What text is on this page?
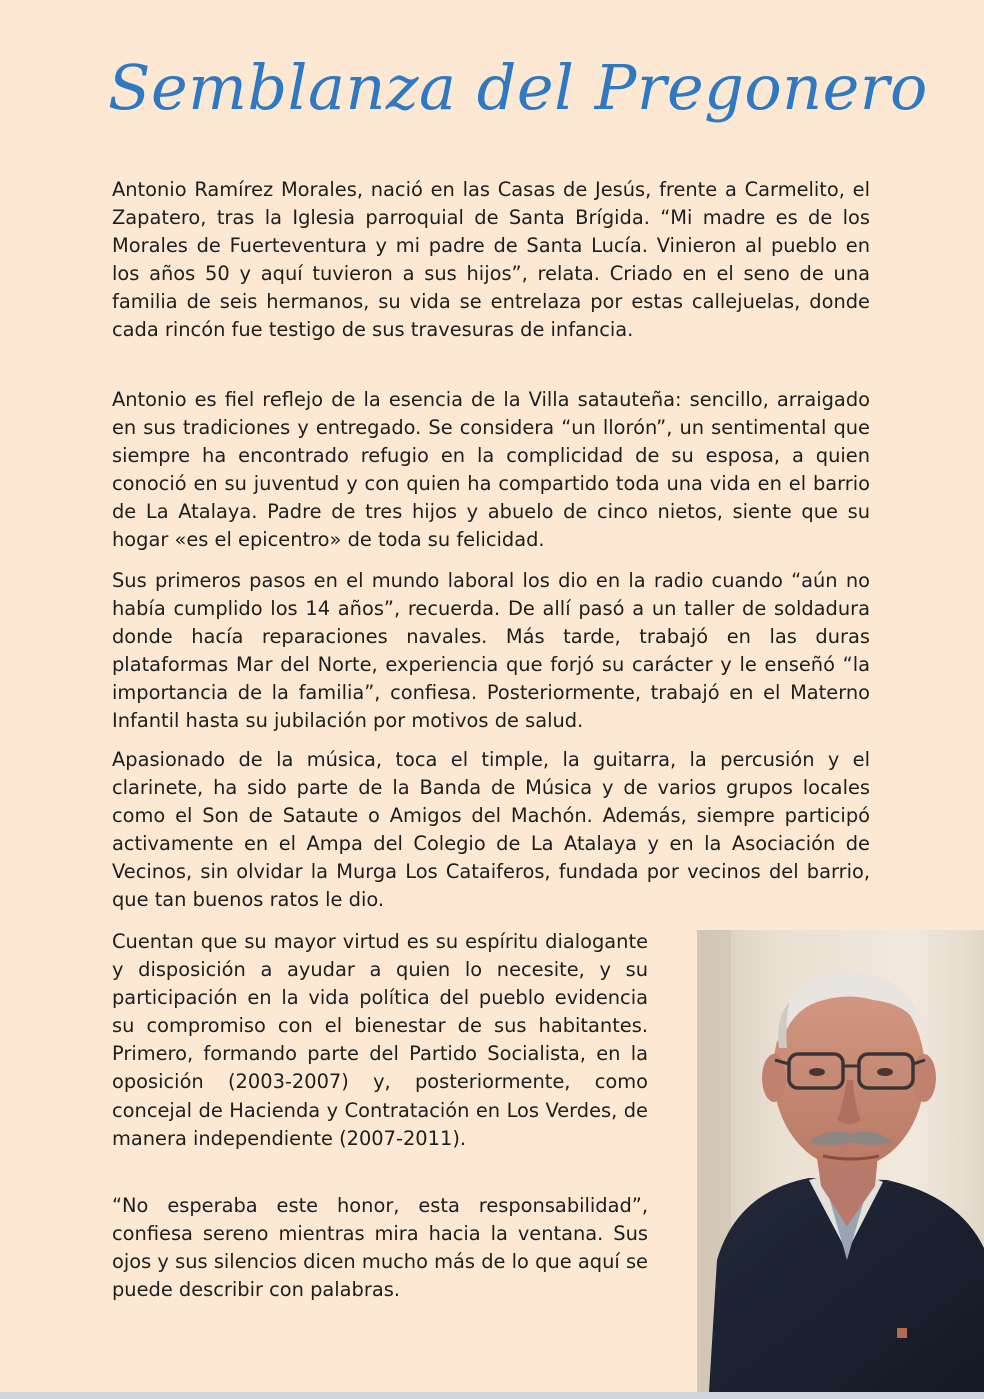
Semblanza del Pregonero

Antonio Ramírez Morales, nació en las Casas de Jesús, frente a Carmelito, el Zapatero, tras la Iglesia parroquial de Santa Brígida. “Mi madre es de los Morales de Fuerteventura y mi padre de Santa Lucía. Vinieron al pueblo en los años 50 y aquí tuvieron a sus hijos”, relata. Criado en el seno de una familia de seis hermanos, su vida se entrelaza por estas callejuelas, donde cada rincón fue testigo de sus travesuras de infancia.

Antonio es fiel reflejo de la esencia de la Villa satauteña: sencillo, arraigado en sus tradiciones y entregado. Se considera “un llorón”, un sentimental que siempre ha encontrado refugio en la complicidad de su esposa, a quien conoció en su juventud y con quien ha compartido toda una vida en el barrio de La Atalaya. Padre de tres hijos y abuelo de cinco nietos, siente que su hogar «es el epicentro» de toda su felicidad.

Sus primeros pasos en el mundo laboral los dio en la radio cuando “aún no había cumplido los 14 años”, recuerda. De allí pasó a un taller de soldadura donde hacía reparaciones navales. Más tarde, trabajó en las duras plataformas Mar del Norte, experiencia que forjó su carácter y le enseñó “la importancia de la familia”, confiesa. Posteriormente, trabajó en el Materno Infantil hasta su jubilación por motivos de salud.

Apasionado de la música, toca el timple, la guitarra, la percusión y el clarinete, ha sido parte de la Banda de Música y de varios grupos locales como el Son de Sataute o Amigos del Machón. Además, siempre participó activamente en el Ampa del Colegio de La Atalaya y en la Asociación de Vecinos, sin olvidar la Murga Los Cataiferos, fundada por vecinos del barrio, que tan buenos ratos le dio.

Cuentan que su mayor virtud es su espíritu dialogante y disposición a ayudar a quien lo necesite, y su participación en la vida política del pueblo evidencia su compromiso con el bienestar de sus habitantes. Primero, formando parte del Partido Socialista, en la oposición (2003-2007) y, posteriormente, como concejal de Hacienda y Contratación en Los Verdes, de manera independiente (2007-2011).

“No esperaba este honor, esta responsabilidad”, confiesa sereno mientras mira hacia la ventana. Sus ojos y sus silencios dicen mucho más de lo que aquí se puede describir con palabras.
